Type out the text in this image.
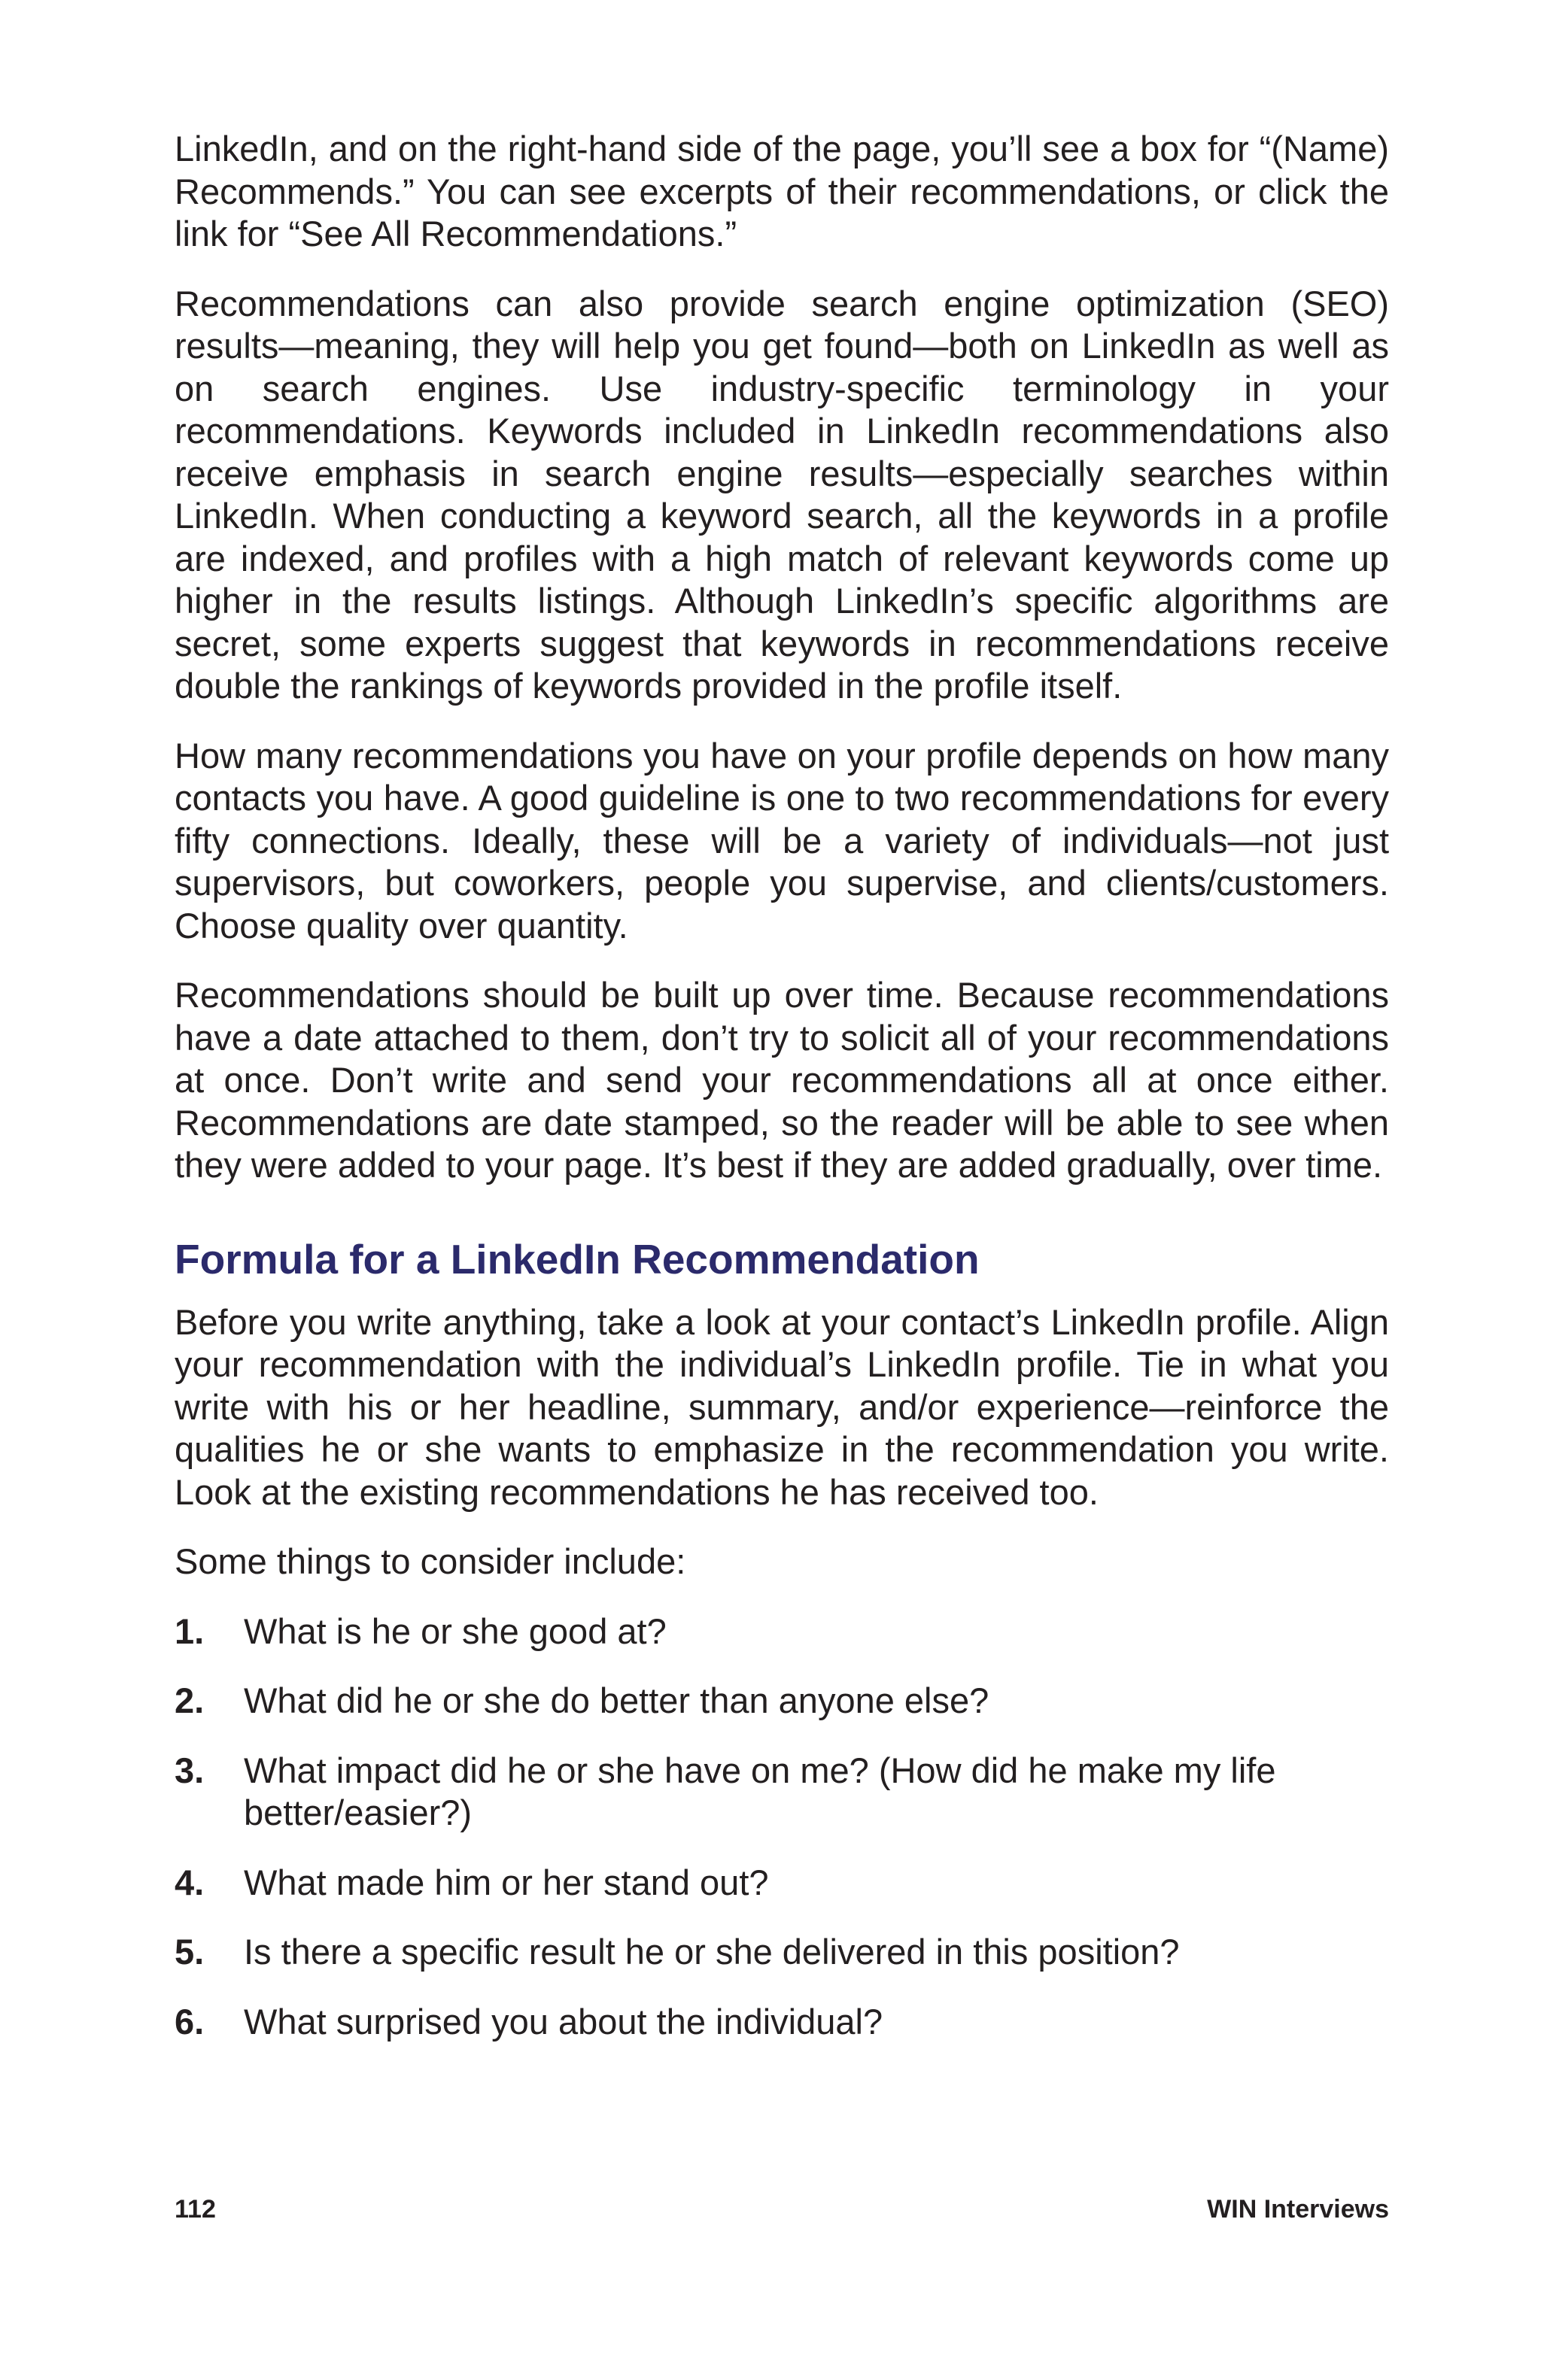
LinkedIn, and on the right-hand side of the page, you’ll see a box for “(Name) Recommends.” You can see excerpts of their recommendations, or click the link for “See All Recommendations.”

Recommendations can also provide search engine optimization (SEO) results—meaning, they will help you get found—both on LinkedIn as well as on search engines. Use industry-specific terminology in your recommendations. Keywords included in LinkedIn recommendations also receive emphasis in search engine results—especially searches within LinkedIn. When conducting a keyword search, all the keywords in a profile are indexed, and profiles with a high match of relevant keywords come up higher in the results listings. Although LinkedIn’s specific algorithms are secret, some experts suggest that keywords in recommendations receive double the rankings of keywords provided in the profile itself.

How many recommendations you have on your profile depends on how many contacts you have. A good guideline is one to two recommendations for every fifty connections. Ideally, these will be a variety of individuals—not just supervisors, but coworkers, people you supervise, and clients/customers. Choose quality over quantity.

Recommendations should be built up over time. Because recommendations have a date attached to them, don’t try to solicit all of your recommendations at once. Don’t write and send your recommendations all at once either. Recommendations are date stamped, so the reader will be able to see when they were added to your page. It’s best if they are added gradually, over time.

Formula for a LinkedIn Recommendation

Before you write anything, take a look at your contact’s LinkedIn profile. Align your recommendation with the individual’s LinkedIn profile. Tie in what you write with his or her headline, summary, and/or experience—reinforce the qualities he or she wants to emphasize in the recommendation you write. Look at the existing recommendations he has received too.

Some things to consider include:

1.	What is he or she good at?
2.	What did he or she do better than anyone else?
3.	What impact did he or she have on me? (How did he make my life better/easier?)
4.	What made him or her stand out?
5.	Is there a specific result he or she delivered in this position?
6.	What surprised you about the individual?
112	WIN Interviews
